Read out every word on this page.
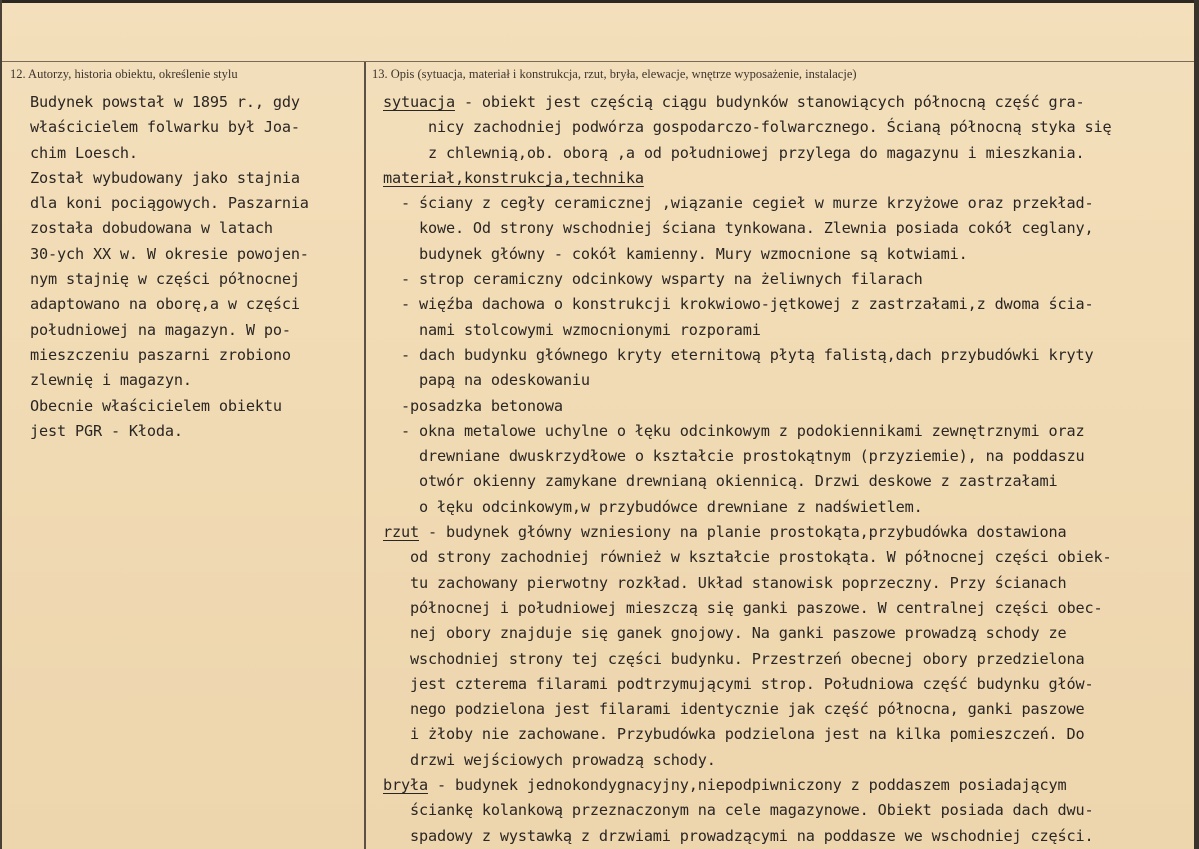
12. Autorzy, historia obiektu, określenie stylu	13. Opis (sytuacja, materiał i konstrukcja, rzut, bryła, elewacje, wnętrze wyposażenie, instalacje)
Budynek powstał w 1895 r., gdy
właścicielem folwarku był Joa-
chim Loesch.
Został wybudowany jako stajnia
dla koni pociągowych. Paszarnia
została dobudowana w latach
30-ych XX w. W okresie powojen-
nym stajnię w części północnej
adaptowano na oborę,a w części
południowej na magazyn. W po-
mieszczeniu paszarni zrobiono
zlewnię i magazyn.
Obecnie właścicielem obiektu
jest PGR - Kłoda.
sytuacja - obiekt jest częścią ciągu budynków stanowiących północną część gra-
nicy zachodniej podwórza gospodarczo-folwarcznego. Ścianą północną styka się
z chlewnią,ob. oborą ,a od południowej przylega do magazynu i mieszkania.
materiał,konstrukcja,technika
- ściany z cegły ceramicznej ,wiązanie cegieł w murze krzyżowe oraz przekład-
kowe. Od strony wschodniej ściana tynkowana. Zlewnia posiada cokół ceglany,
budynek główny - cokół kamienny. Mury wzmocnione są kotwiami.
- strop ceramiczny odcinkowy wsparty na żeliwnych filarach
- więźba dachowa o konstrukcji krokwiowo-jętkowej z zastrzałami,z dwoma ścia-
nami stolcowymi wzmocnionymi rozporami
- dach budynku głównego kryty eternitową płytą falistą,dach przybudówki kryty
papą na odeskowaniu
-posadzka betonowa
- okna metalowe uchylne o łęku odcinkowym z podokiennikami zewnętrznymi oraz
drewniane dwuskrzydłowe o kształcie prostokątnym (przyziemie), na poddaszu
otwór okienny zamykane drewnianą okiennicą. Drzwi deskowe z zastrzałami
o łęku odcinkowym,w przybudówce drewniane z nadświetlem.
rzut - budynek główny wzniesiony na planie prostokąta,przybudówka dostawiona
od strony zachodniej również w kształcie prostokąta. W północnej części obiek-
tu zachowany pierwotny rozkład. Układ stanowisk poprzeczny. Przy ścianach
północnej i południowej mieszczą się ganki paszowe. W centralnej części obec-
nej obory znajduje się ganek gnojowy. Na ganki paszowe prowadzą schody ze
wschodniej strony tej części budynku. Przestrzeń obecnej obory przedzielona
jest czterema filarami podtrzymującymi strop. Południowa część budynku głów-
nego podzielona jest filarami identycznie jak część północna, ganki paszowe
i żłoby nie zachowane. Przybudówka podzielona jest na kilka pomieszczeń. Do
drzwi wejściowych prowadzą schody.
bryła - budynek jednokondygnacyjny,niepodpiwniczony z poddaszem posiadającym
ściankę kolankową przeznaczonym na cele magazynowe. Obiekt posiada dach dwu-
spadowy z wystawką z drzwiami prowadzącymi na poddasze we wschodniej części.
